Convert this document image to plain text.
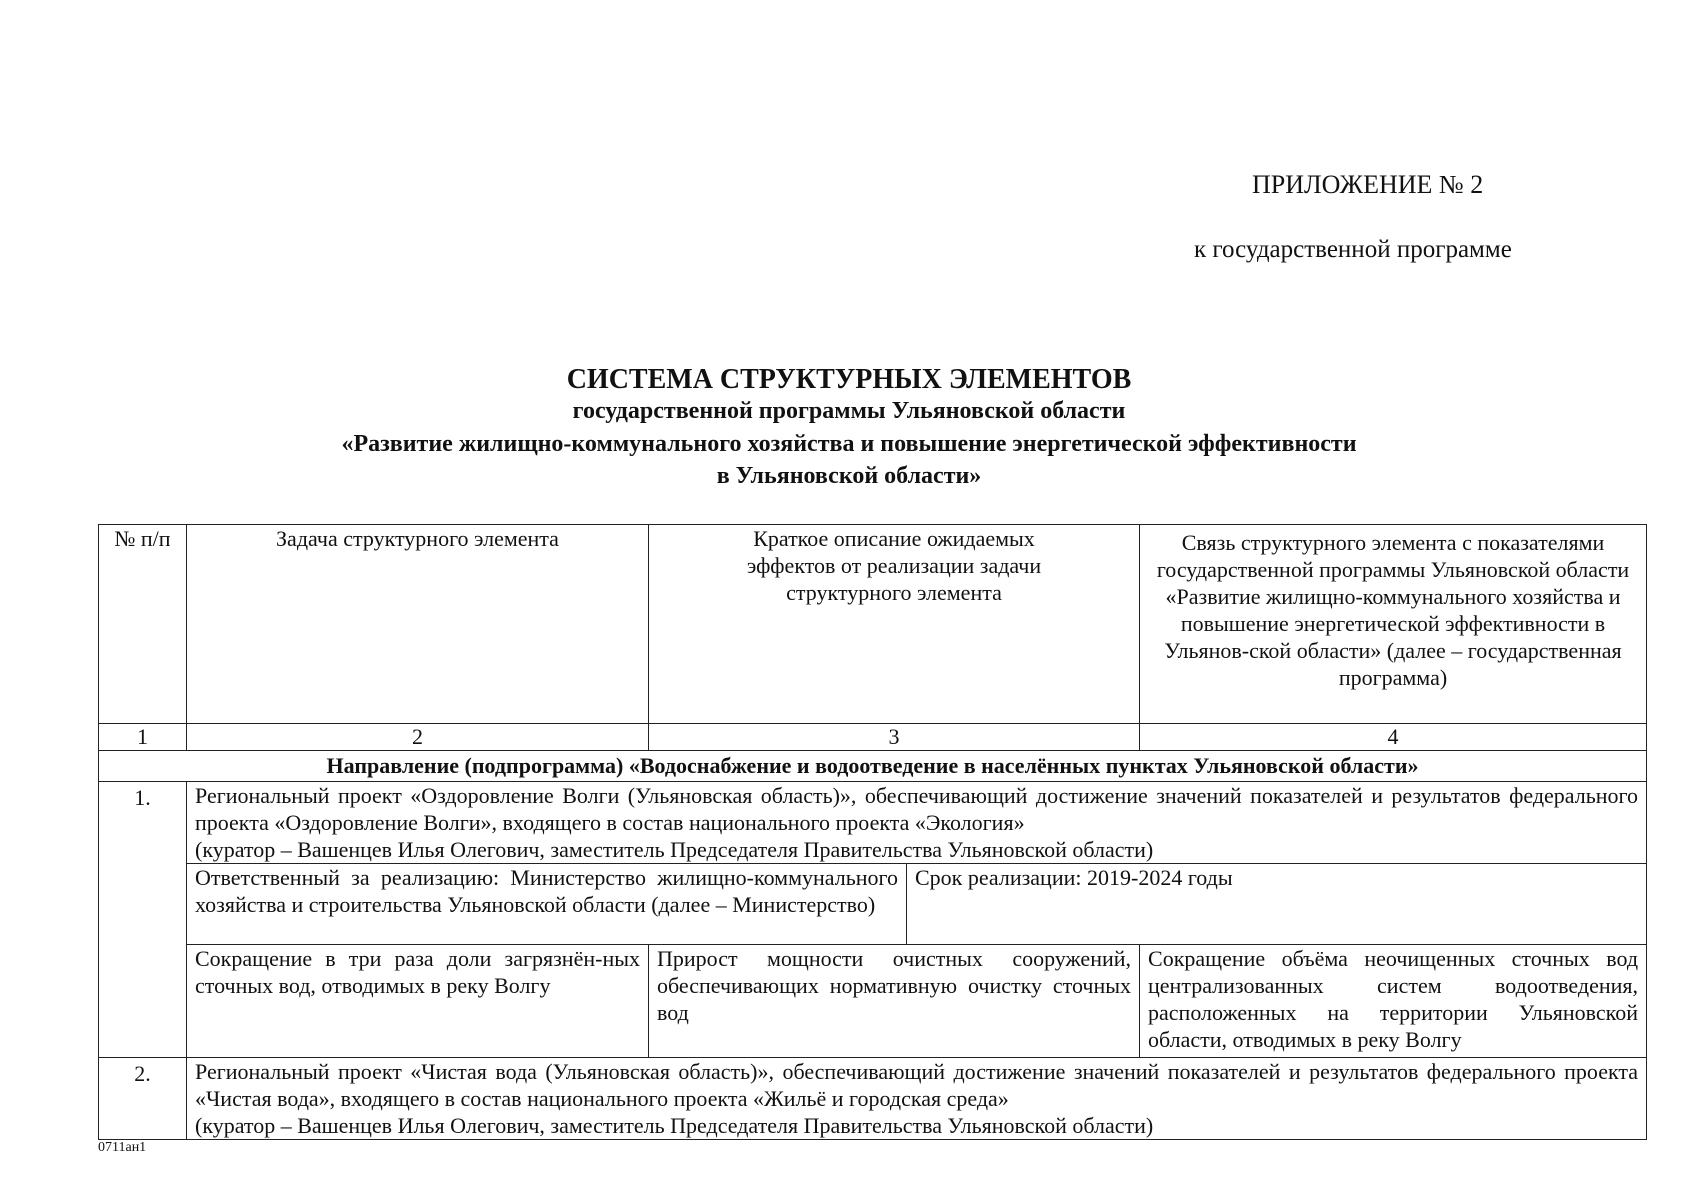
ПРИЛОЖЕНИЕ № 2
к государственной программе
СИСТЕМА СТРУКТУРНЫХ ЭЛЕМЕНТОВ
государственной программы Ульяновской области
«Развитие жилищно-коммунального хозяйства и повышение энергетической эффективности
в Ульяновской области»
№ п/п	Задача структурного элемента	Краткое описание ожидаемых эффектов от реализации задачи структурного элемента		Связь структурного элемента с показателями государственной программы Ульяновской области «Развитие жилищно-коммунального хозяйства и повышение энергетической эффективности в Ульянов-ской области» (далее – государственная программа)
1	2	3		4
Направление (подпрограмма) «Водоснабжение и водоотведение в населённых пунктах Ульяновской области»				
1.	Региональный проект «Оздоровление Волги (Ульяновская область)», обеспечивающий достижение значений показателей и результатов федерального проекта «Оздоровление Волги», входящего в состав национального проекта «Экология»
(куратор – Вашенцев Илья Олегович, заместитель Председателя Правительства Ульяновской области)			

	Ответственный за реализацию: Министерство жилищно-коммунального хозяйства и строительства Ульяновской области (далее – Министерство)		Срок реализации: 2019-2024 годы	
	Сокращение в три раза доли загрязнён-ных сточных вод, отводимых в реку Волгу	Прирост мощности очистных сооружений, обеспечивающих нормативную очистку сточных вод		Сокращение объёма неочищенных сточных вод централизованных систем водоотведения, расположенных на территории Ульяновской области, отводимых в реку Волгу
2.	Региональный проект «Чистая вода (Ульяновская область)», обеспечивающий достижение значений показателей и результатов федерального проекта «Чистая вода», входящего в состав национального проекта «Жильё и городская среда»
(куратор – Вашенцев Илья Олегович, заместитель Председателя Правительства Ульяновской области)			
0711ан1
